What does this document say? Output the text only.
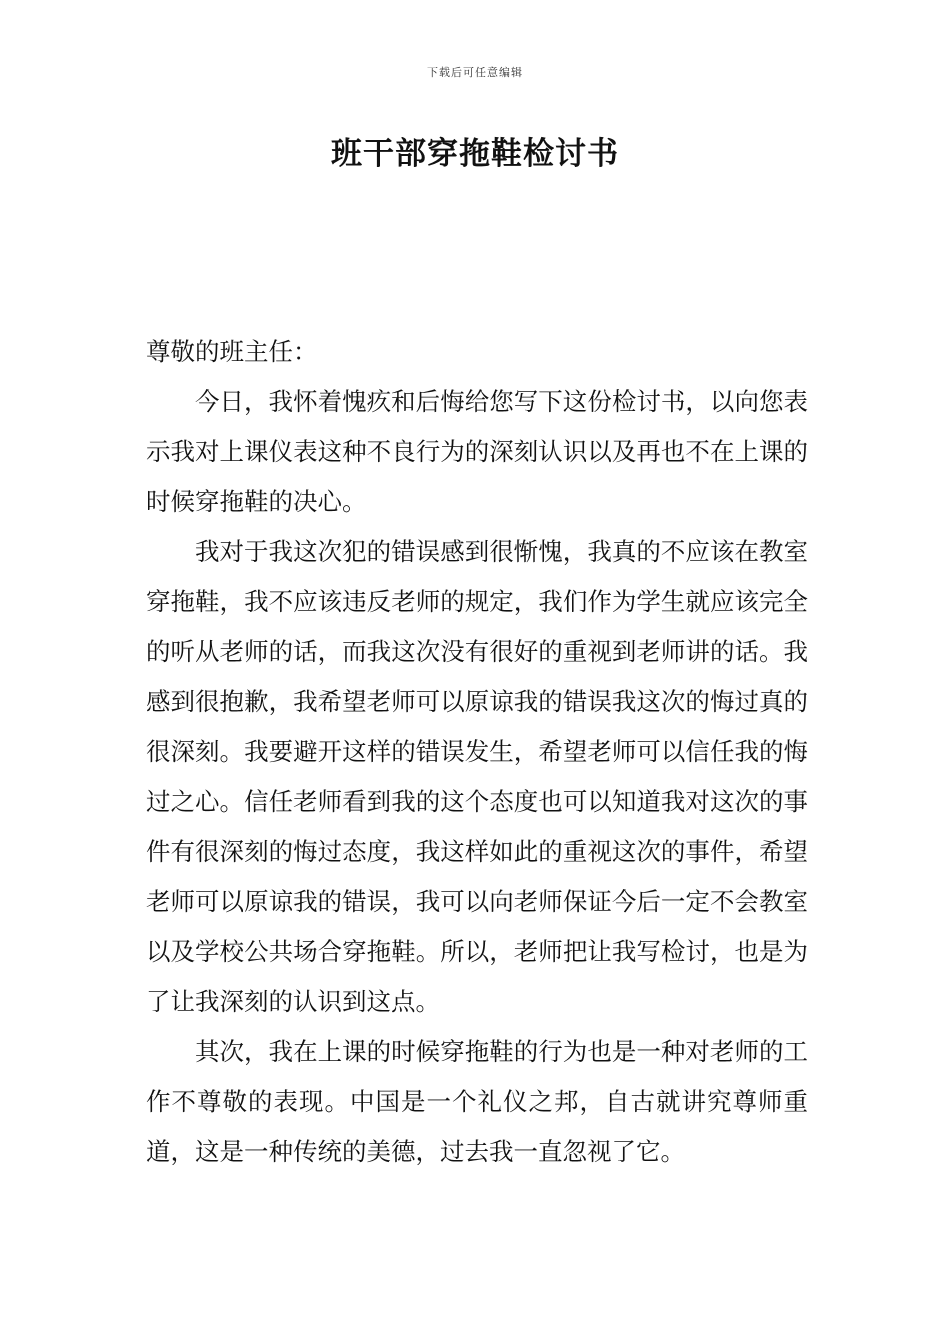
下载后可任意编辑
班干部穿拖鞋检讨书

尊敬的班主任：

今日，我怀着愧疚和后悔给您写下这份检讨书，以向您表示我对上课仪表这种不良行为的深刻认识以及再也不在上课的时候穿拖鞋的决心。

我对于我这次犯的错误感到很惭愧，我真的不应该在教室穿拖鞋，我不应该违反老师的规定，我们作为学生就应该完全的听从老师的话，而我这次没有很好的重视到老师讲的话。我感到很抱歉，我希望老师可以原谅我的错误我这次的悔过真的很深刻。我要避开这样的错误发生，希望老师可以信任我的悔过之心。信任老师看到我的这个态度也可以知道我对这次的事件有很深刻的悔过态度，我这样如此的重视这次的事件，希望老师可以原谅我的错误，我可以向老师保证今后一定不会教室以及学校公共场合穿拖鞋。所以，老师把让我写检讨，也是为了让我深刻的认识到这点。

其次，我在上课的时候穿拖鞋的行为也是一种对老师的工作不尊敬的表现。中国是一个礼仪之邦，自古就讲究尊师重道，这是一种传统的美德，过去我一直忽视了它。
